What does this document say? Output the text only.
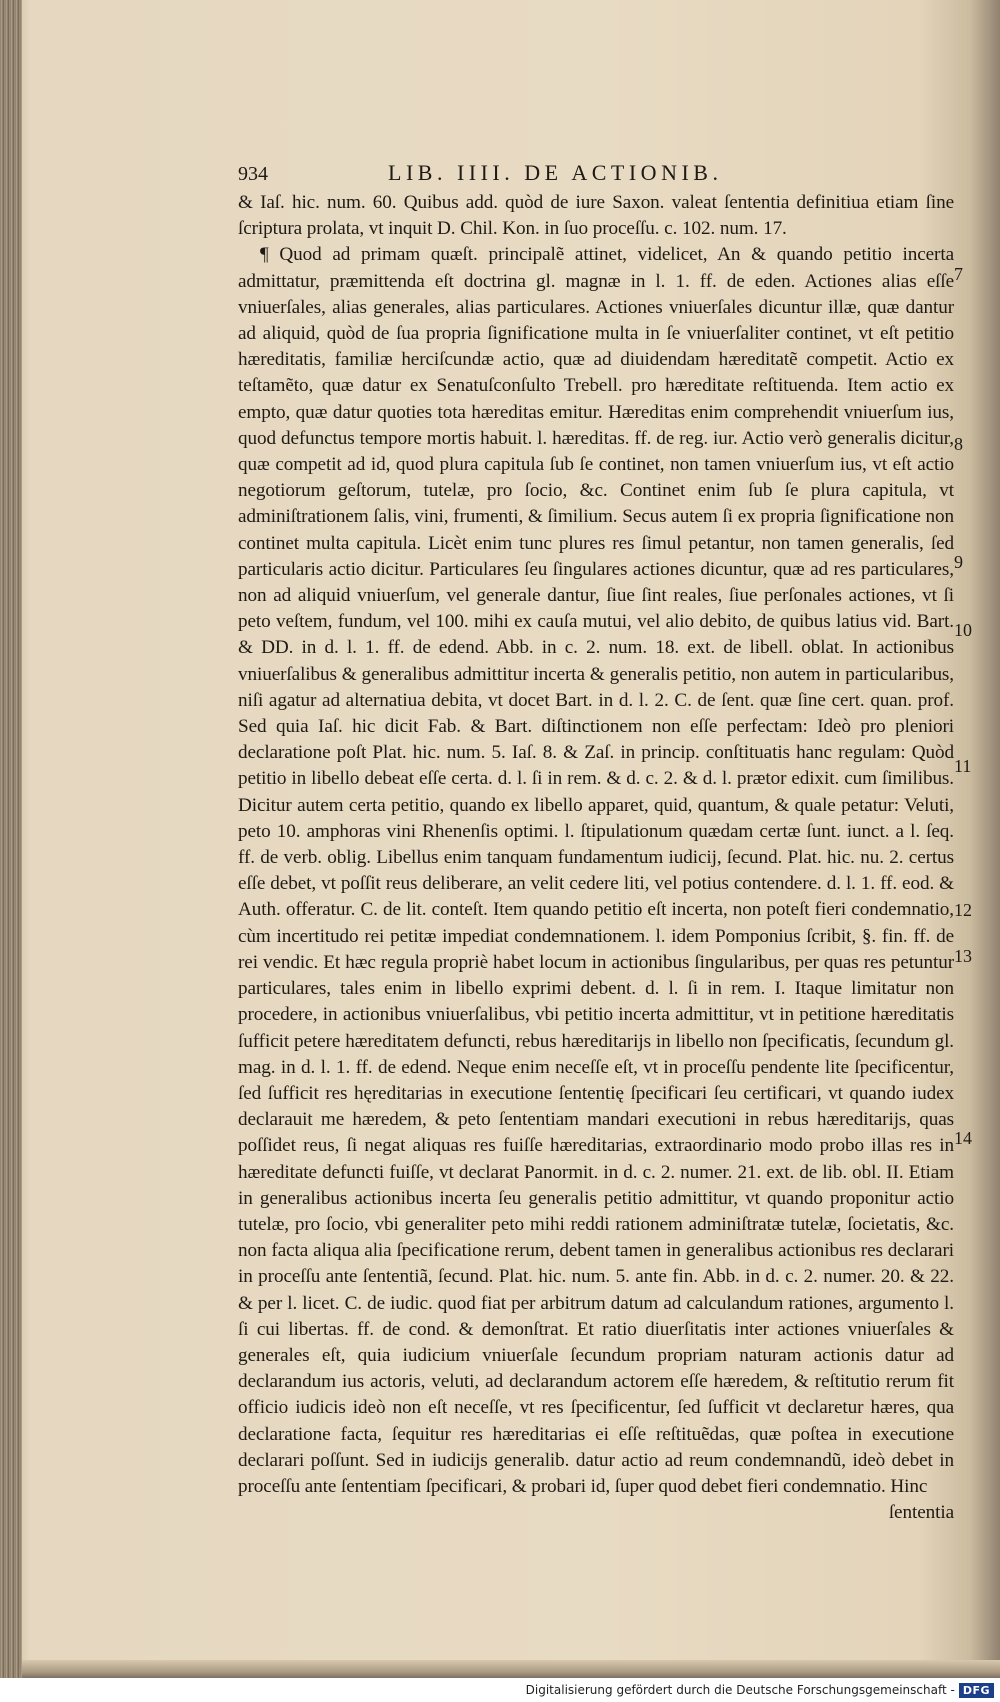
934	LIB. IIII. DE ACTIONIB.

& Iaſ. hic. num. 60. Quibus add. quòd de iure Saxon. valeat ſententia definitiua etiam ſine ſcriptura prolata, vt inquit D. Chil. Kon. in ſuo proceſſu. c. 102. num. 17.

¶ Quod ad primam quæſt. principalẽ attinet, videlicet, An & quando petitio incerta admittatur, præmittenda eſt doctrina gl. magnæ in l. 1. ff. de eden. Actiones alias eſſe vniuerſales, alias generales, alias particulares. Actiones vniuerſales dicuntur illæ, quæ dantur ad aliquid, quòd de ſua propria ſignificatione multa in ſe vniuerſaliter continet, vt eſt petitio hæreditatis, familiæ herciſcundæ actio, quæ ad diuidendam hæreditatẽ competit. Actio ex teſtamẽto, quæ datur ex Senatuſconſulto Trebell. pro hæreditate reſtituenda. Item actio ex empto, quæ datur quoties tota hæreditas emitur. Hæreditas enim comprehendit vniuerſum ius, quod defunctus tempore mortis habuit. l. hæreditas. ff. de reg. iur. Actio verò generalis dicitur, quæ competit ad id, quod plura capitula ſub ſe continet, non tamen vniuerſum ius, vt eſt actio negotiorum geſtorum, tutelæ, pro ſocio, &c. Continet enim ſub ſe plura capitula, vt adminiſtrationem ſalis, vini, frumenti, & ſimilium. Secus autem ſi ex propria ſignificatione non continet multa capitula. Licèt enim tunc plures res ſimul petantur, non tamen generalis, ſed particularis actio dicitur. Particulares ſeu ſingulares actiones dicuntur, quæ ad res particulares, non ad aliquid vniuerſum, vel generale dantur, ſiue ſint reales, ſiue perſonales actiones, vt ſi peto veſtem, fundum, vel 100. mihi ex cauſa mutui, vel alio debito, de quibus latius vid. Bart. & DD. in d. l. 1. ff. de edend. Abb. in c. 2. num. 18. ext. de libell. oblat. In actionibus vniuerſalibus & generalibus admittitur incerta & generalis petitio, non autem in particularibus, niſi agatur ad alternatiua debita, vt docet Bart. in d. l. 2. C. de ſent. quæ ſine cert. quan. prof. Sed quia Iaſ. hic dicit Fab. & Bart. diſtinctionem non eſſe perfectam: Ideò pro pleniori declaratione poſt Plat. hic. num. 5. Iaſ. 8. & Zaſ. in princip. conſtituatis hanc regulam: Quòd petitio in libello debeat eſſe certa. d. l. ſi in rem. & d. c. 2. & d. l. prætor edixit. cum ſimilibus. Dicitur autem certa petitio, quando ex libello apparet, quid, quantum, & quale petatur: Veluti, peto 10. amphoras vini Rhenenſis optimi. l. ſtipulationum quædam certæ ſunt. iunct. a l. ſeq. ff. de verb. oblig. Libellus enim tanquam fundamentum iudicij, ſecund. Plat. hic. nu. 2. certus eſſe debet, vt poſſit reus deliberare, an velit cedere liti, vel potius contendere. d. l. 1. ff. eod. & Auth. offeratur. C. de lit. conteſt. Item quando petitio eſt incerta, non poteſt fieri condemnatio, cùm incertitudo rei petitæ impediat condemnationem. l. idem Pomponius ſcribit, §. fin. ff. de rei vendic. Et hæc regula propriè habet locum in actionibus ſingularibus, per quas res petuntur particulares, tales enim in libello exprimi debent. d. l. ſi in rem. I. Itaque limitatur non procedere, in actionibus vniuerſalibus, vbi petitio incerta admittitur, vt in petitione hæreditatis ſufficit petere hæreditatem defuncti, rebus hæreditarijs in libello non ſpecificatis, ſecundum gl. mag. in d. l. 1. ff. de edend. Neque enim neceſſe eſt, vt in proceſſu pendente lite ſpecificentur, ſed ſufficit res hęreditarias in executione ſententię ſpecificari ſeu certificari, vt quando iudex declarauit me hæredem, & peto ſententiam mandari executioni in rebus hæreditarijs, quas poſſidet reus, ſi negat aliquas res fuiſſe hæreditarias, extraordinario modo probo illas res in hæreditate defuncti fuiſſe, vt declarat Panormit. in d. c. 2. numer. 21. ext. de lib. obl. II. Etiam in generalibus actionibus incerta ſeu generalis petitio admittitur, vt quando proponitur actio tutelæ, pro ſocio, vbi generaliter peto mihi reddi rationem adminiſtratæ tutelæ, ſocietatis, &c. non facta aliqua alia ſpecificatione rerum, debent tamen in generalibus actionibus res declarari in proceſſu ante ſententiã, ſecund. Plat. hic. num. 5. ante fin. Abb. in d. c. 2. numer. 20. & 22. & per l. licet. C. de iudic. quod fiat per arbitrum datum ad calculandum rationes, argumento l. ſi cui libertas. ff. de cond. & demonſtrat. Et ratio diuerſitatis inter actiones vniuerſales & generales eſt, quia iudicium vniuerſale ſecundum propriam naturam actionis datur ad declarandum ius actoris, veluti, ad declarandum actorem eſſe hæredem, & reſtitutio rerum fit officio iudicis ideò non eſt neceſſe, vt res ſpecificentur, ſed ſufficit vt declaretur hæres, qua declaratione facta, ſequitur res hæreditarias ei eſſe reſtituẽdas, quæ poſtea in executione declarari poſſunt. Sed in iudicijs generalib. datur actio ad reum condemnandũ, ideò debet in proceſſu ante ſententiam ſpecificari, & probari id, ſuper quod debet fieri condemnatio. Hinc

ſententia

7
8
9
10
11
12
13
14
Digitalisierung gefördert durch die Deutsche Forschungsgemeinschaft - DFG
